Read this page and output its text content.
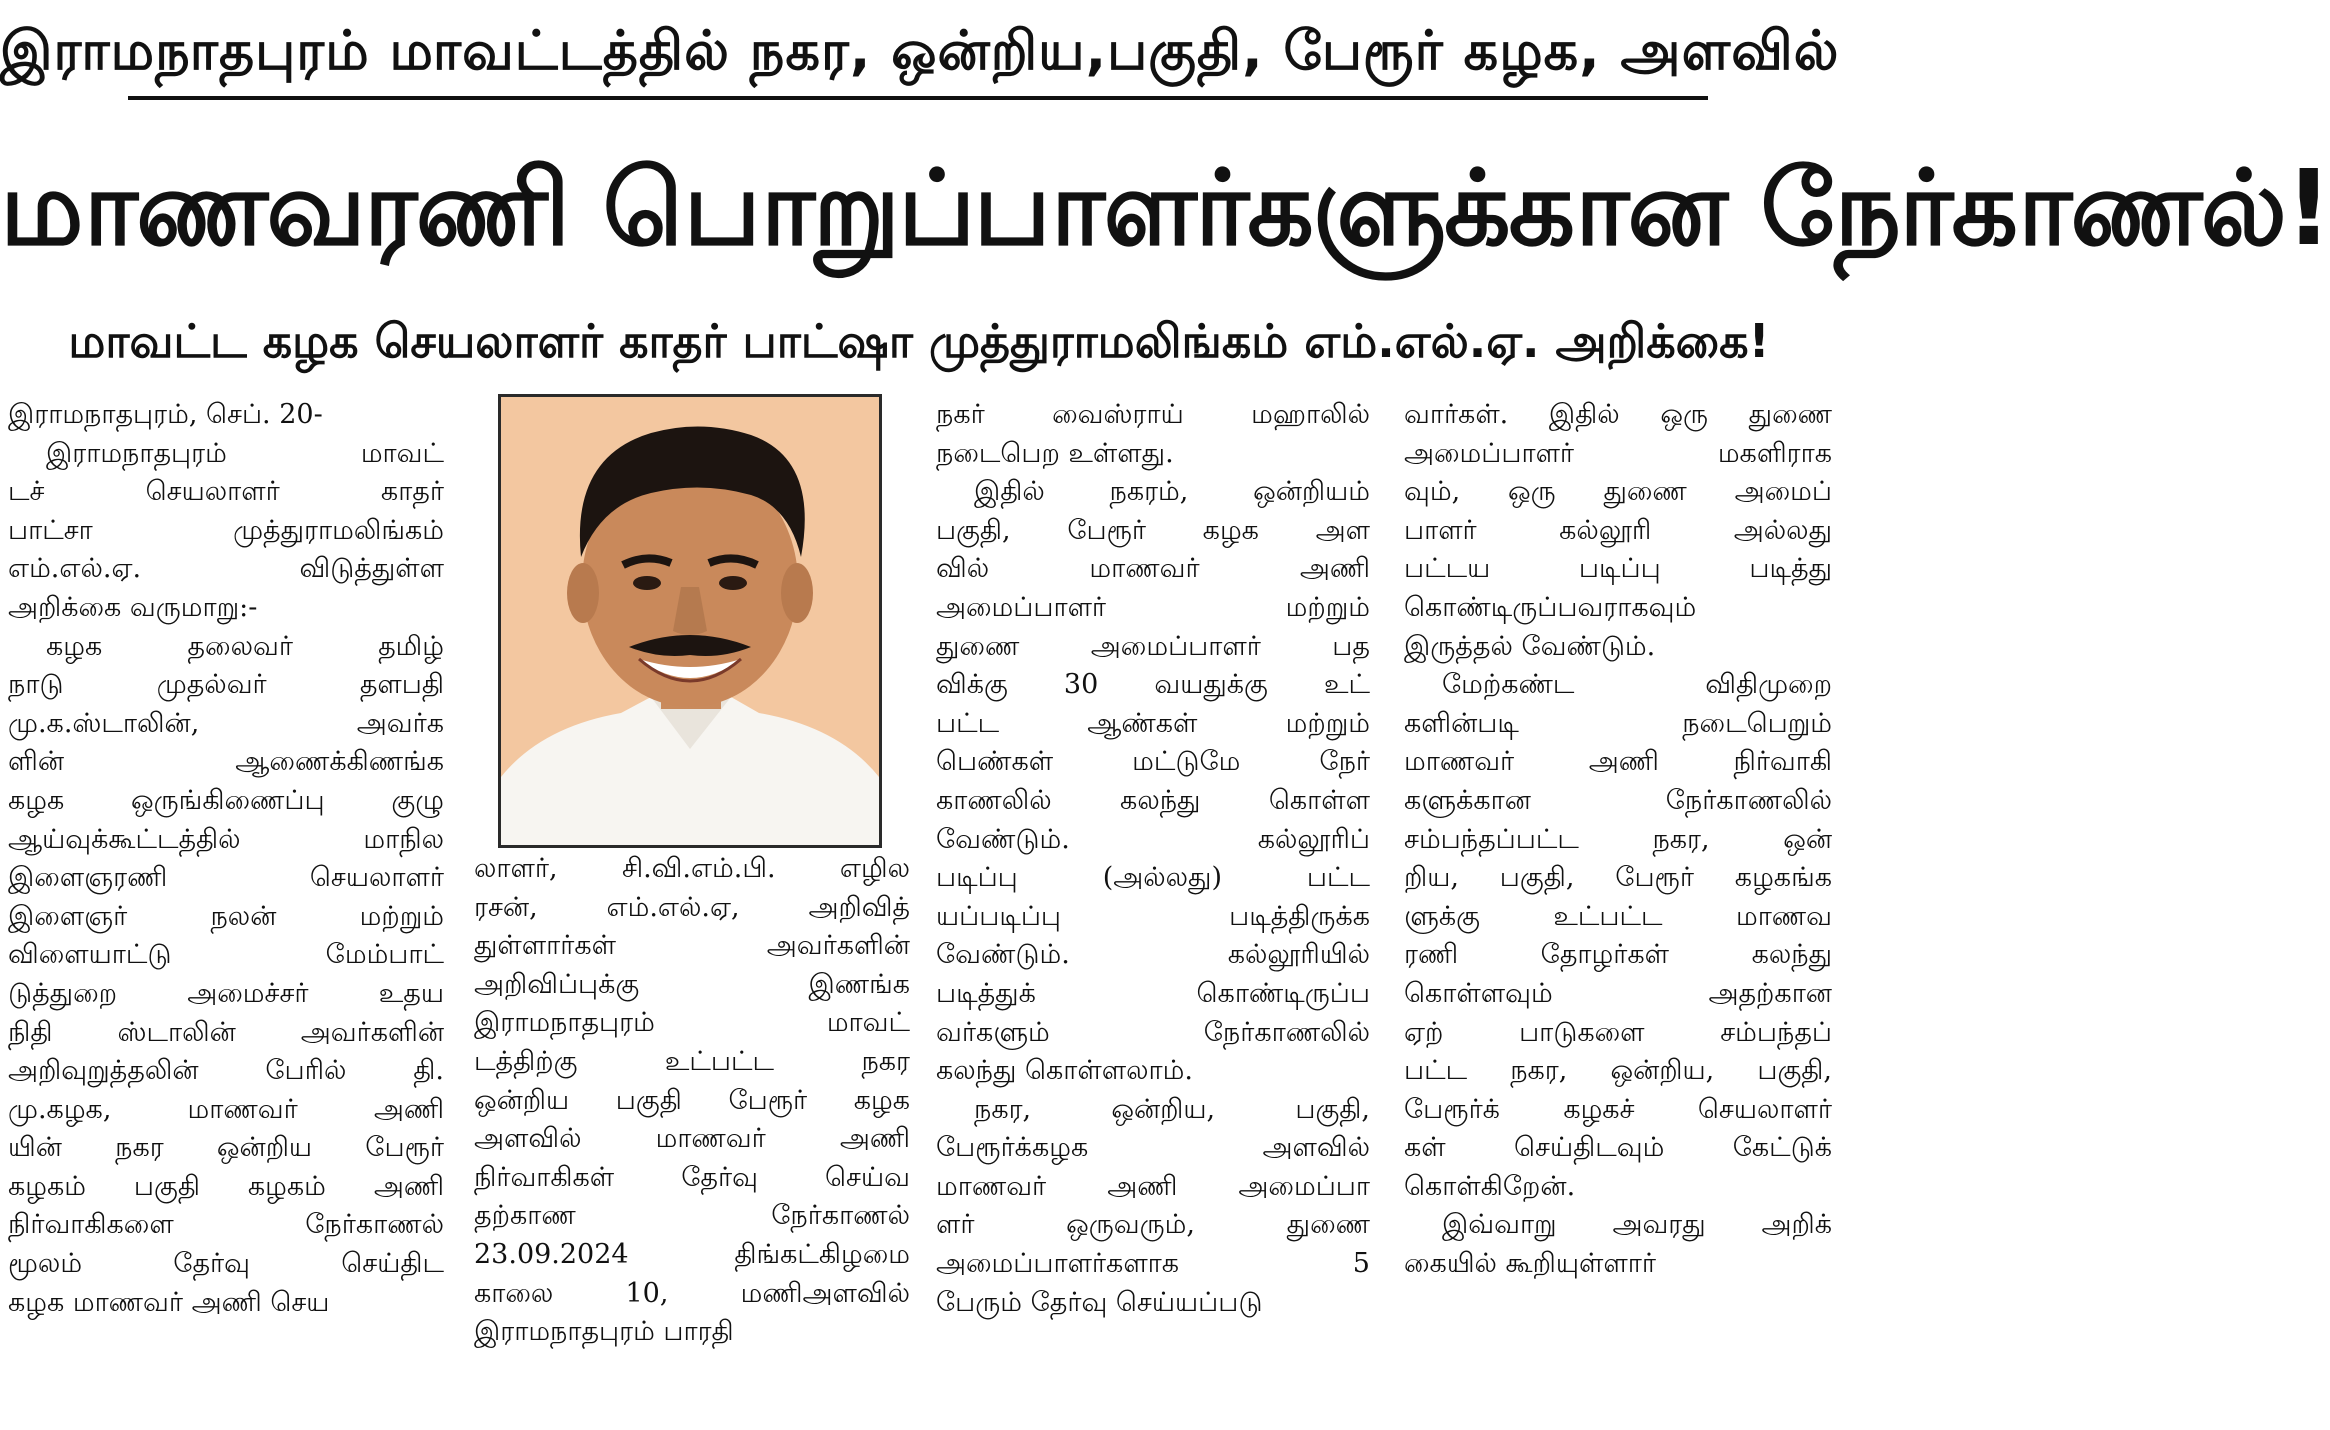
இராமநாதபுரம் மாவட்டத்தில் நகர, ஒன்றிய,பகுதி, பேரூர் கழக, அளவில்
மாணவரணி பொறுப்பாளர்களுக்கான நேர்காணல்!
மாவட்ட கழக செயலாளர் காதர் பாட்ஷா முத்துராமலிங்கம் எம்.எல்.ஏ. அறிக்கை!

இராமநாதபுரம், செப். 20-

இராமநாதபுரம் மாவட்

டச் செயலாளர் காதர்

பாட்சா முத்துராமலிங்கம்

எம்.எல்.ஏ. விடுத்துள்ள

அறிக்கை வருமாறு:-

கழக தலைவர் தமிழ்

நாடு முதல்வர் தளபதி

மு.க.ஸ்டாலின், அவர்க

ளின் ஆணைக்கிணங்க

கழக ஒருங்கிணைப்பு குழு

ஆய்வுக்கூட்டத்தில் மாநில

இளைஞரணி செயலாளர்

இளைஞர் நலன் மற்றும்

விளையாட்டு மேம்பாட்

டுத்துறை அமைச்சர் உதய

நிதி ஸ்டாலின் அவர்களின்

அறிவுறுத்தலின் பேரில் தி.

மு.கழக, மாணவர் அணி

யின் நகர ஒன்றிய பேரூர்

கழகம் பகுதி கழகம் அணி

நிர்வாகிகளை நேர்காணல்

மூலம் தேர்வு செய்திட

கழக மாணவர் அணி செய

லாளர், சி.வி.எம்.பி. எழில

ரசன், எம்.எல்.ஏ, அறிவித்

துள்ளார்கள் அவர்களின்

அறிவிப்புக்கு இணங்க

இராமநாதபுரம் மாவட்

டத்திற்கு உட்பட்ட நகர

ஒன்றிய பகுதி பேரூர் கழக

அளவில் மாணவர் அணி

நிர்வாகிகள் தேர்வு செய்வ

தற்காண நேர்காணல்

23.09.2024 திங்கட்கிழமை

காலை 10, மணிஅளவில்

இராமநாதபுரம் பாரதி

நகர் வைஸ்ராய் மஹாலில்

நடைபெற உள்ளது.

இதில் நகரம், ஒன்றியம்

பகுதி, பேரூர் கழக அள

வில் மாணவர் அணி

அமைப்பாளர் மற்றும்

துணை அமைப்பாளர் பத

விக்கு 30 வயதுக்கு உட்

பட்ட ஆண்கள் மற்றும்

பெண்கள் மட்டுமே நேர்

காணலில் கலந்து கொள்ள

வேண்டும். கல்லூரிப்

படிப்பு (அல்லது) பட்ட

யப்படிப்பு படித்திருக்க

வேண்டும். கல்லூரியில்

படித்துக் கொண்டிருப்ப

வர்களும் நேர்காணலில்

கலந்து கொள்ளலாம்.

நகர, ஒன்றிய, பகுதி,

பேரூர்க்கழக அளவில்

மாணவர் அணி அமைப்பா

ளர் ஒருவரும், துணை

அமைப்பாளர்களாக 5

பேரும் தேர்வு செய்யப்படு

வார்கள். இதில் ஒரு துணை

அமைப்பாளர் மகளிராக

வும், ஒரு துணை அமைப்

பாளர் கல்லூரி அல்லது

பட்டய படிப்பு படித்து

கொண்டிருப்பவராகவும்

இருத்தல் வேண்டும்.

மேற்கண்ட விதிமுறை

களின்படி நடைபெறும்

மாணவர் அணி நிர்வாகி

களுக்கான நேர்காணலில்

சம்பந்தப்பட்ட நகர, ஒன்

றிய, பகுதி, பேரூர் கழகங்க

ளுக்கு உட்பட்ட மாணவ

ரணி தோழர்கள் கலந்து

கொள்ளவும் அதற்கான

ஏற் பாடுகளை சம்பந்தப்

பட்ட நகர, ஒன்றிய, பகுதி,

பேரூர்க் கழகச் செயலாளர்

கள் செய்திடவும் கேட்டுக்

கொள்கிறேன்.

இவ்வாறு அவரது அறிக்

கையில் கூறியுள்ளார்
